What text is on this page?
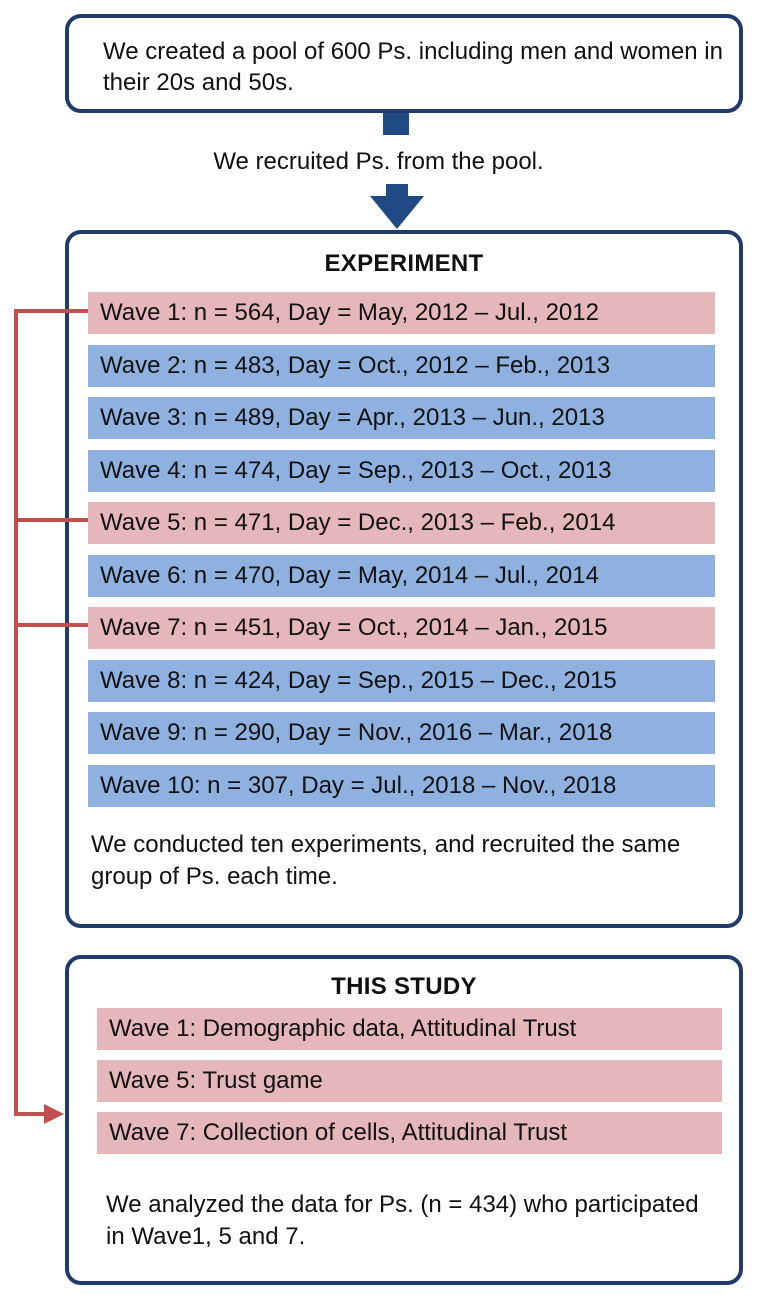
We created a pool of 600 Ps. including men and women in their 20s and 50s.
We recruited Ps. from the pool.
EXPERIMENT
Wave 1: n = 564, Day = May, 2012 – Jul., 2012
Wave 2: n = 483, Day = Oct., 2012 – Feb., 2013
Wave 3: n = 489, Day = Apr., 2013 – Jun., 2013
Wave 4: n = 474, Day = Sep., 2013 – Oct., 2013
Wave 5: n = 471, Day = Dec., 2013 – Feb., 2014
Wave 6: n = 470, Day = May, 2014 – Jul., 2014
Wave 7: n = 451, Day = Oct., 2014 – Jan., 2015
Wave 8: n = 424, Day = Sep., 2015 – Dec., 2015
Wave 9: n = 290, Day = Nov., 2016 – Mar., 2018
Wave 10: n = 307, Day = Jul., 2018 – Nov., 2018
We conducted ten experiments, and recruited the same group of Ps. each time.
THIS STUDY
Wave 1: Demographic data, Attitudinal Trust
Wave 5: Trust game
Wave 7: Collection of cells, Attitudinal Trust
We analyzed the data for Ps. (n = 434) who participated in Wave1, 5 and 7.
